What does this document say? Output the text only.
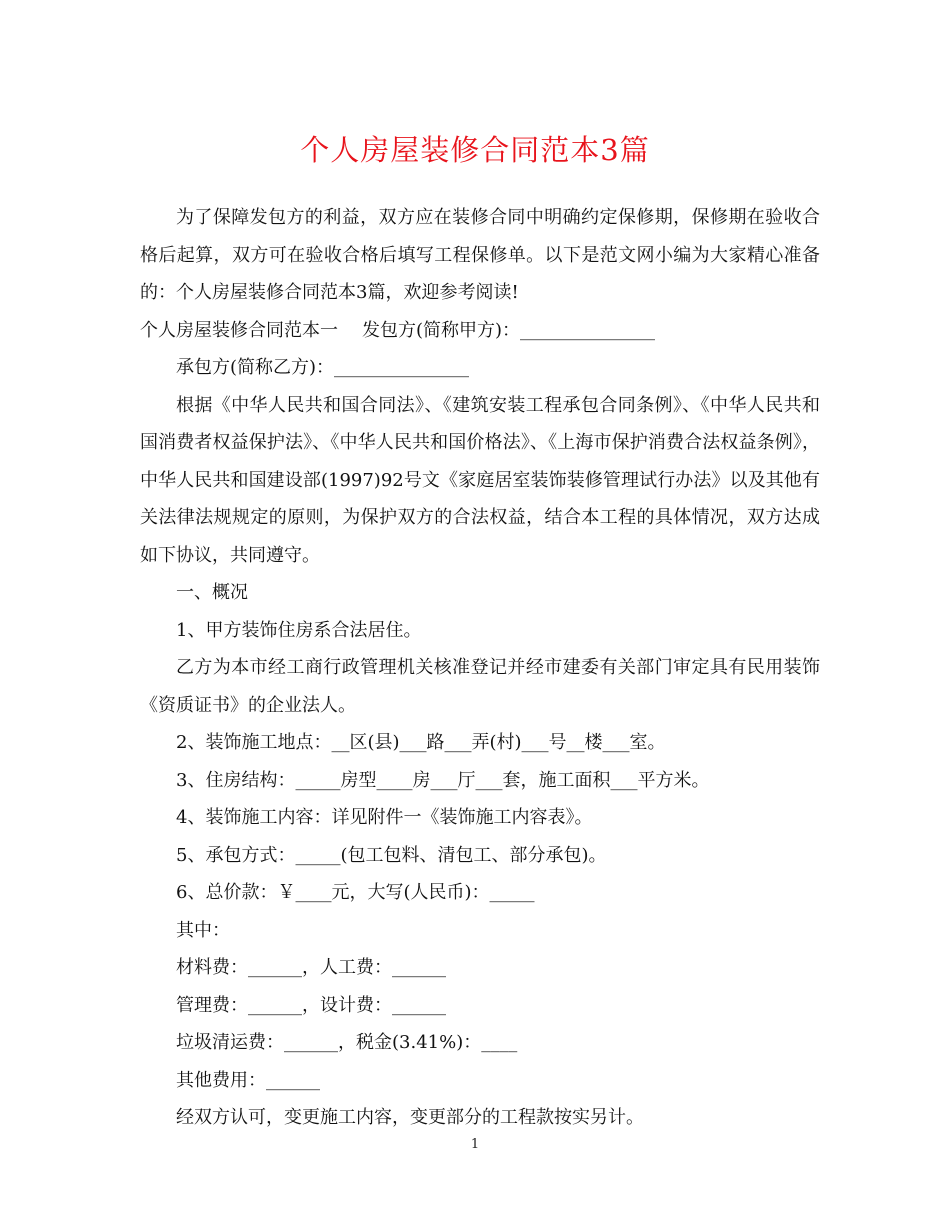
个人房屋装修合同范本3篇

为了保障发包方的利益，双方应在装修合同中明确约定保修期，保修期在验收合格后起算，双方可在验收合格后填写工程保修单。以下是范文网小编为大家精心准备的：个人房屋装修合同范本3篇，欢迎参考阅读!

个人房屋装修合同范本一 发包方(简称甲方)：_______________

承包方(简称乙方)：_______________

根据《中华人民共和国合同法》、《建筑安装工程承包合同条例》、《中华人民共和国消费者权益保护法》、《中华人民共和国价格法》、《上海市保护消费合法权益条例》，中华人民共和国建设部(1997)92号文《家庭居室装饰装修管理试行办法》以及其他有关法律法规规定的原则，为保护双方的合法权益，结合本工程的具体情况，双方达成如下协议，共同遵守。

一、概况

1、甲方装饰住房系合法居住。

乙方为本市经工商行政管理机关核准登记并经市建委有关部门审定具有民用装饰《资质证书》的企业法人。

2、装饰施工地点：__区(县)___路___弄(村)___号__楼___室。

3、住房结构：_____房型____房___厅___套，施工面积___平方米。

4、装饰施工内容：详见附件一《装饰施工内容表》。

5、承包方式：_____(包工包料、清包工、部分承包)。

6、总价款：￥____元，大写(人民币)：_____

其中：

材料费：______，人工费：______

管理费：______，设计费：______

垃圾清运费：______，税金(3.41%)：____

其他费用：______

经双方认可，变更施工内容，变更部分的工程款按实另计。

1
